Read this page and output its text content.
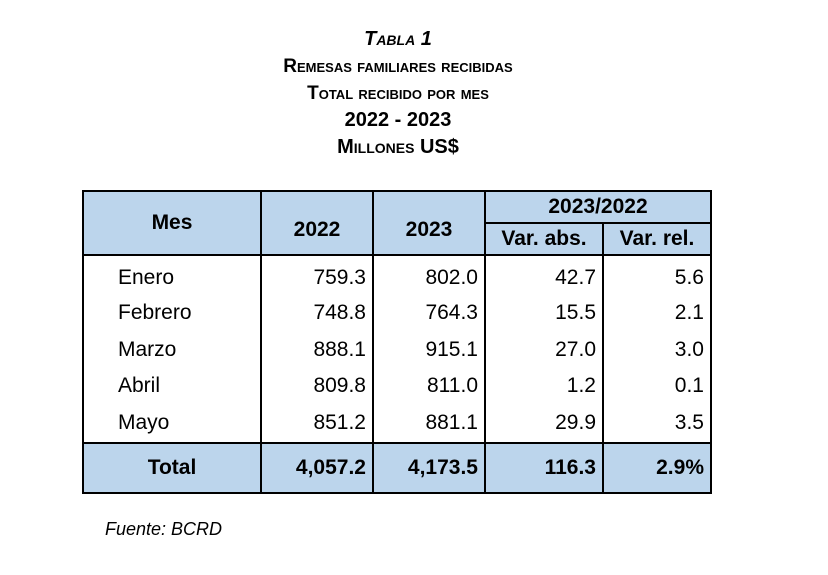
Tabla 1
Remesas familiares recibidas
Total recibido por mes
2022 - 2023
Millones US$
Mes	2022	2023	2023/2022	
			Var. abs.	Var. rel.
Enero	759.3	802.0	42.7	5.6
Febrero	748.8	764.3	15.5	2.1
Marzo	888.1	915.1	27.0	3.0
Abril	809.8	811.0	1.2	0.1
Mayo	851.2	881.1	29.9	3.5
Total	4,057.2	4,173.5	116.3	2.9%
Fuente: BCRD
